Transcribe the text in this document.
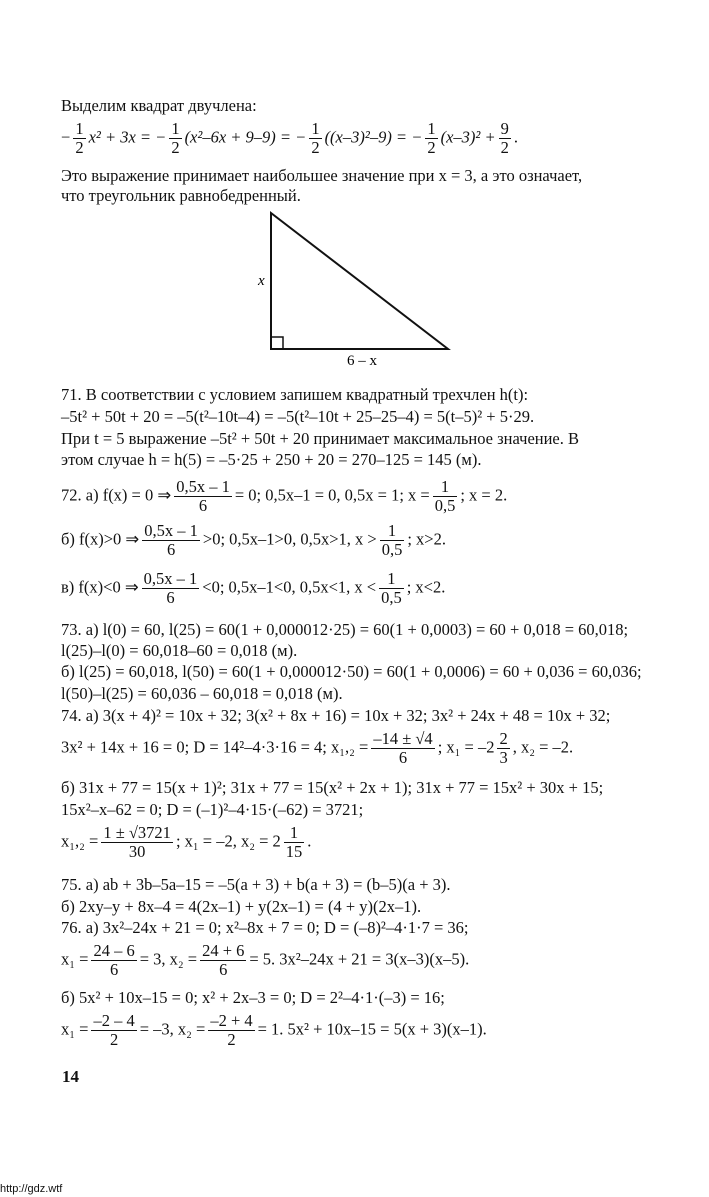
Выделим квадрат двучлена:
− $\frac{1}{2} x^2 + 3x$ = − $\frac{1}{2} (x^2-6x + 9-9)$ = − $\frac{1}{2} ((x-3)^2-9)$ = − $\frac{1}{2} (x-3)^2 + \frac{9}{2}$ .
Это выражение принимает наибольшее значение при x = 3, а это означает,
что треугольник равнобедренный.
x
6 – x
71. В соответствии с условием запишем квадратный трехчлен h(t):
–5t² + 50t + 20 = –5(t²–10t–4) = –5(t²–10t + 25–25–4) = 5(t–5)² + 5·29.
При t = 5 выражение –5t² + 50t + 20 принимает максимальное значение. В
этом случае h = h(5) = –5·25 + 250 + 20 = 270–125 = 145 (м).
72. а) f(x) = 0 ⇒ $\frac{0,5x - 1}{6} = 0$; 0,5x–1 = 0, 0,5x = 1; $x = \frac{1}{0,5}$ ; x = 2.
б) f(x)>0 ⇒ $\frac{0,5x - 1}{6} >0$; 0,5x–1>0, 0,5x>1, $x > \frac{1}{0,5}$ ; x>2.
в) f(x)<0 ⇒ $\frac{0,5x - 1}{6} <0$; 0,5x–1<0, 0,5x<1, $x < \frac{1}{0,5}$ ; x<2.
73. а) l(0) = 60, l(25) = 60(1 + 0,000012·25) = 60(1 + 0,0003) = 60 + 0,018 = 60,018;
l(25)–l(0) = 60,018–60 = 0,018 (м).
б) l(25) = 60,018, l(50) = 60(1 + 0,000012·50) = 60(1 + 0,0006) = 60 + 0,036 = 60,036;
l(50)–l(25) = 60,036 – 60,018 = 0,018 (м).
74. а) 3(x + 4)² = 10x + 32; 3(x² + 8x + 16) = 10x + 32; 3x² + 24x + 48 = 10x + 32;
3x² + 14x + 16 = 0; D = 14²–4·3·16 = 4; $x_1,_2 = \frac{-14 \pm √4}{6}$ ; $x_1 = -2 \frac{2}{3}$ , x₂ = –2.
б) 31x + 77 = 15(x + 1)²; 31x + 77 = 15(x² + 2x + 1); 31x + 77 = 15x² + 30x + 15;
15x²–x–62 = 0; D = (–1)²–4·15·(–62) = 3721;
$x_1,_2 = \frac{1 \pm √3721}{30}$ ; x₁ = –2, $x_2 = 2 \frac{1}{15}$ .
75. а) ab + 3b–5a–15 = –5(a + 3) + b(a + 3) = (b–5)(a + 3).
б) 2xy–y + 8x–4 = 4(2x–1) + y(2x–1) = (4 + y)(2x–1).
76. а) 3x²–24x + 21 = 0; x²–8x + 7 = 0; D = (–8)²–4·1·7 = 36;
$x_1 = \frac{24 - 6}{6} = 3$, $x_2 = \frac{24 + 6}{6} = 5$. 3x²–24x + 21 = 3(x–3)(x–5).
б) 5x² + 10x–15 = 0; x² + 2x–3 = 0; D = 2²–4·1·(–3) = 16;
$x_1 = \frac{-2 - 4}{2} = -3$, $x_2 = \frac{-2 + 4}{2} = 1$. 5x² + 10x–15 = 5(x + 3)(x–1).
14
http://gdz.wtf
